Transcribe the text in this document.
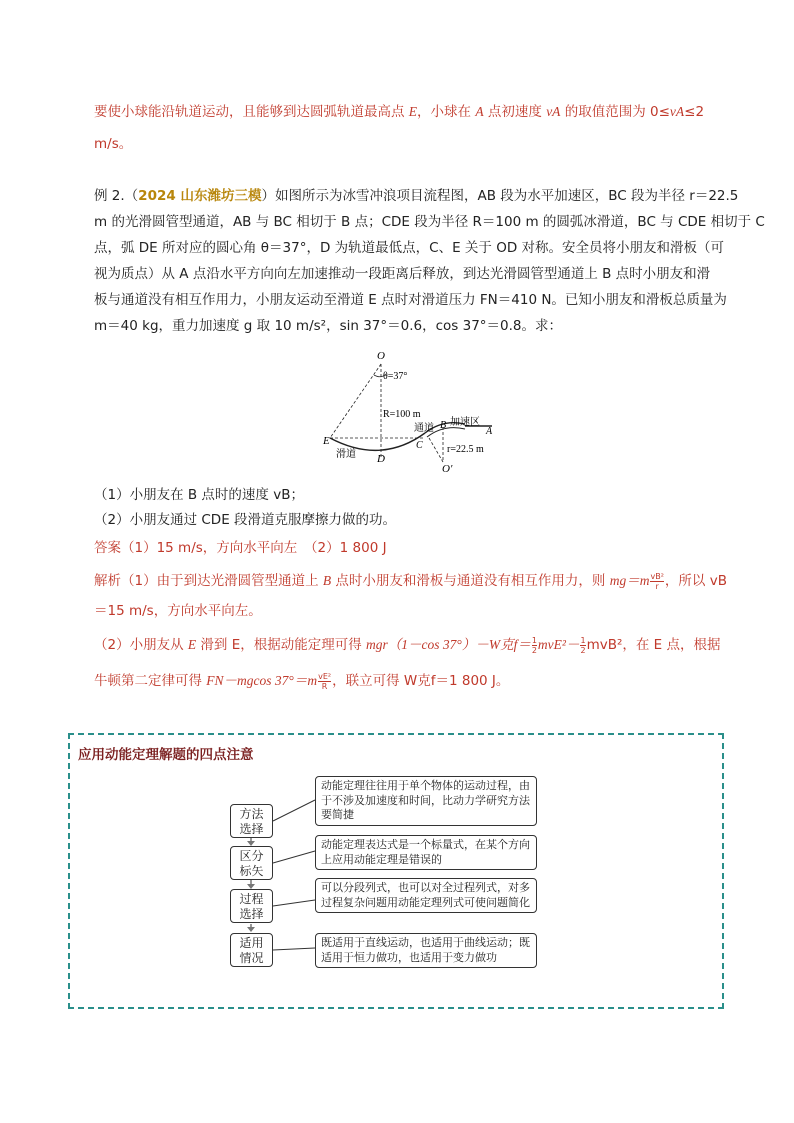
要使小球能沿轨道运动，且能够到达圆弧轨道最高点 E，小球在 A 点初速度 vA 的取值范围为 0≤vA≤2
m/s。
例 2.（2024 山东潍坊三模）如图所示为冰雪冲浪项目流程图，AB 段为水平加速区，BC 段为半径 r＝22.5
m 的光滑圆管型通道，AB 与 BC 相切于 B 点；CDE 段为半径 R＝100 m 的圆弧冰滑道，BC 与 CDE 相切于 C
点，弧 DE 所对应的圆心角 θ＝37°，D 为轨道最低点，C、E 关于 OD 对称。安全员将小朋友和滑板（可
视为质点）从 A 点沿水平方向向左加速推动一段距离后释放，到达光滑圆管型通道上 B 点时小朋友和滑
板与通道没有相互作用力，小朋友运动至滑道 E 点时对滑道压力 FN＝410 N。已知小朋友和滑板总质量为
m＝40 kg，重力加速度 g 取 10 m/s²，sin 37°＝0.6，cos 37°＝0.8。求：
O
θ=37°
R=100 m
E
D
C
B
A
滑道
通道
加速区
r=22.5 m
O′
（1）小朋友在 B 点时的速度 vB；
（2）小朋友通过 CDE 段滑道克服摩擦力做的功。
答案（1）15 m/s，方向水平向左　（2）1 800 J
解析（1）由于到达光滑圆管型通道上 B 点时小朋友和滑板与通道没有相互作用力，则 $mg=m \frac{\text{vB²}}{r}$ ，所以 vB
＝15 m/s，方向水平向左。
（2）小朋友从 E 滑到 E，根据动能定理可得 mgr（1－cos 37°）－W克$f= \frac{1}{2} mvE^2- \frac{1}{2} mvB^2$，在 E 点，根据
牛顿第二定律可得 FN－mgcos $37^\circ=m \frac{\text{vE²}}{R}$ ，联立可得 W克f＝1 800 J。
应用动能定理解题的四点注意
方法
选择
动能定理往往用于单个物体的运动过程，由于不涉及加速度和时间，比动力学研究方法要简捷
区分
标矢
动能定理表达式是一个标量式，在某个方向上应用动能定理是错误的
过程
选择
可以分段列式，也可以对全过程列式，对多过程复杂问题用动能定理列式可使问题简化
适用
情况
既适用于直线运动，也适用于曲线运动；既适用于恒力做功，也适用于变力做功
